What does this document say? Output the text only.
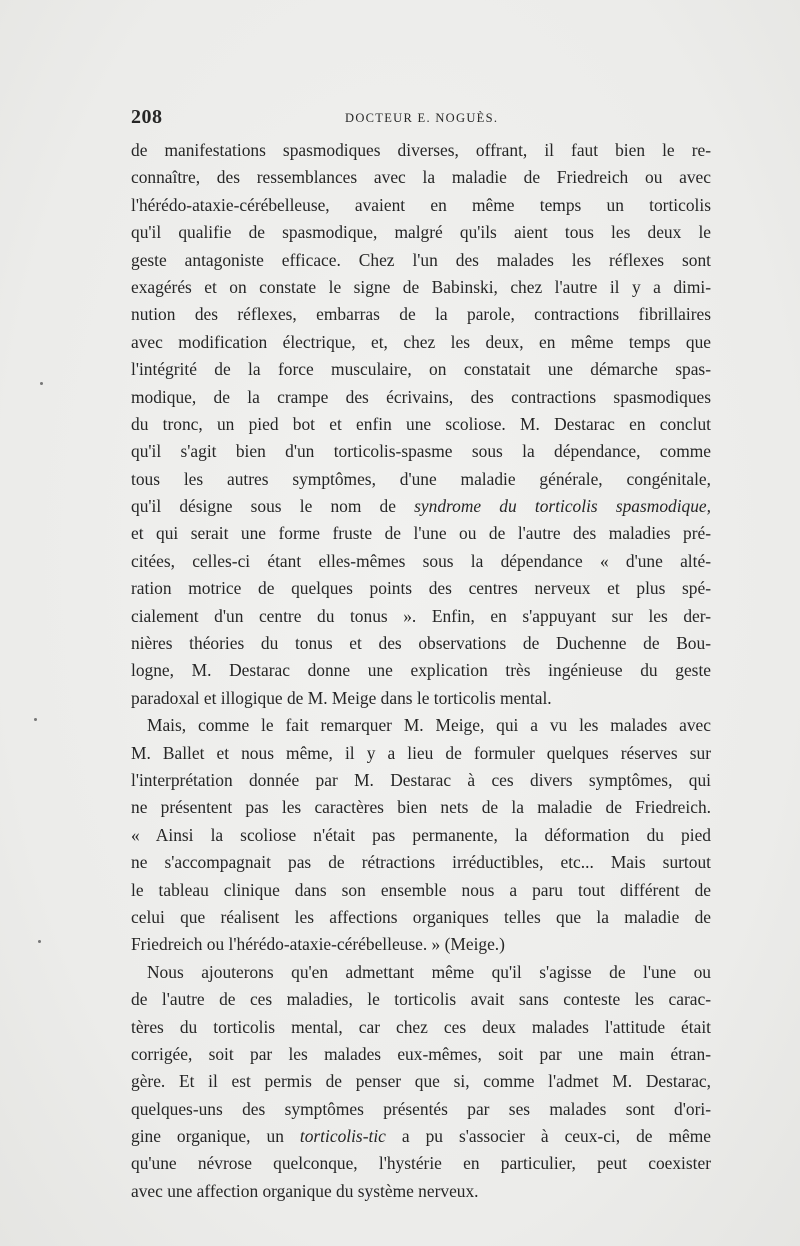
208	DOCTEUR E. NOGUÈS.
de manifestations spasmodiques diverses, offrant, il faut bien le re-
connaître, des ressemblances avec la maladie de Friedreich ou avec
l'hérédo-ataxie-cérébelleuse, avaient en même temps un torticolis
qu'il qualifie de spasmodique, malgré qu'ils aient tous les deux le
geste antagoniste efficace. Chez l'un des malades les réflexes sont
exagérés et on constate le signe de Babinski, chez l'autre il y a dimi-
nution des réflexes, embarras de la parole, contractions fibrillaires
avec modification électrique, et, chez les deux, en même temps que
l'intégrité de la force musculaire, on constatait une démarche spas-
modique, de la crampe des écrivains, des contractions spasmodiques
du tronc, un pied bot et enfin une scoliose. M. Destarac en conclut
qu'il s'agit bien d'un torticolis-spasme sous la dépendance, comme
tous les autres symptômes, d'une maladie générale, congénitale,
qu'il désigne sous le nom de syndrome du torticolis spasmodique,
et qui serait une forme fruste de l'une ou de l'autre des maladies pré-
citées, celles-ci étant elles-mêmes sous la dépendance « d'une alté-
ration motrice de quelques points des centres nerveux et plus spé-
cialement d'un centre du tonus ». Enfin, en s'appuyant sur les der-
nières théories du tonus et des observations de Duchenne de Bou-
logne, M. Destarac donne une explication très ingénieuse du geste
paradoxal et illogique de M. Meige dans le torticolis mental.
Mais, comme le fait remarquer M. Meige, qui a vu les malades avec
M. Ballet et nous même, il y a lieu de formuler quelques réserves sur
l'interprétation donnée par M. Destarac à ces divers symptômes, qui
ne présentent pas les caractères bien nets de la maladie de Friedreich.
« Ainsi la scoliose n'était pas permanente, la déformation du pied
ne s'accompagnait pas de rétractions irréductibles, etc... Mais surtout
le tableau clinique dans son ensemble nous a paru tout différent de
celui que réalisent les affections organiques telles que la maladie de
Friedreich ou l'hérédo-ataxie-cérébelleuse. » (Meige.)
Nous ajouterons qu'en admettant même qu'il s'agisse de l'une ou
de l'autre de ces maladies, le torticolis avait sans conteste les carac-
tères du torticolis mental, car chez ces deux malades l'attitude était
corrigée, soit par les malades eux-mêmes, soit par une main étran-
gère. Et il est permis de penser que si, comme l'admet M. Destarac,
quelques-uns des symptômes présentés par ses malades sont d'ori-
gine organique, un torticolis-tic a pu s'associer à ceux-ci, de même
qu'une névrose quelconque, l'hystérie en particulier, peut coexister
avec une affection organique du système nerveux.
